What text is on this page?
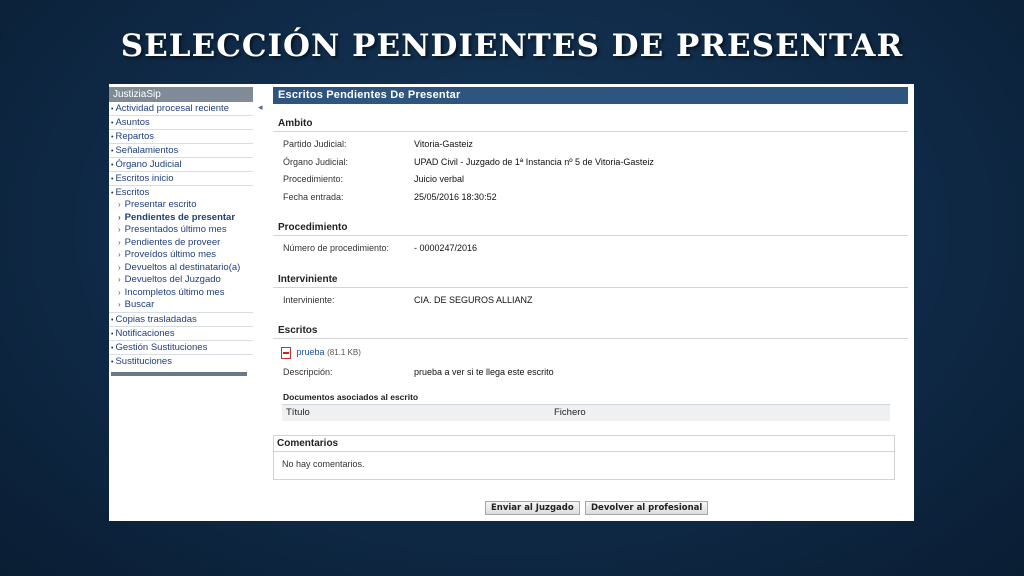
SELECCIÓN PENDIENTES DE PRESENTAR
JustiziaSip
• Actividad procesal reciente
• Asuntos
• Repartos
• Señalamientos
• Órgano Judicial
• Escritos inicio
• Escritos
› Presentar escrito
› Pendientes de presentar
› Presentados último mes
› Pendientes de proveer
› Proveídos último mes
› Devueltos al destinatario(a)
› Devueltos del Juzgado
› Incompletos último mes
› Buscar
• Copias trasladadas
• Notificaciones
• Gestión Sustituciones
• Sustituciones
◂
Escritos Pendientes De Presentar
Ambito
Partido Judicial:	Vitoria-Gasteiz
Órgano Judicial:	UPAD Civil - Juzgado de 1ª Instancia nº 5 de Vitoria-Gasteiz
Procedimiento:	Juicio verbal
Fecha entrada:	25/05/2016 18:30:52
Procedimiento
Número de procedimiento:	- 0000247/2016
Interviniente
Interviniente:	CIA. DE SEGUROS ALLIANZ
Escritos
prueba (81.1 KB)
Descripción:	prueba a ver si te llega este escrito
Documentos asociados al escrito
Título	Fichero
Comentarios
No hay comentarios.
Enviar al Juzgado	Devolver al profesional
